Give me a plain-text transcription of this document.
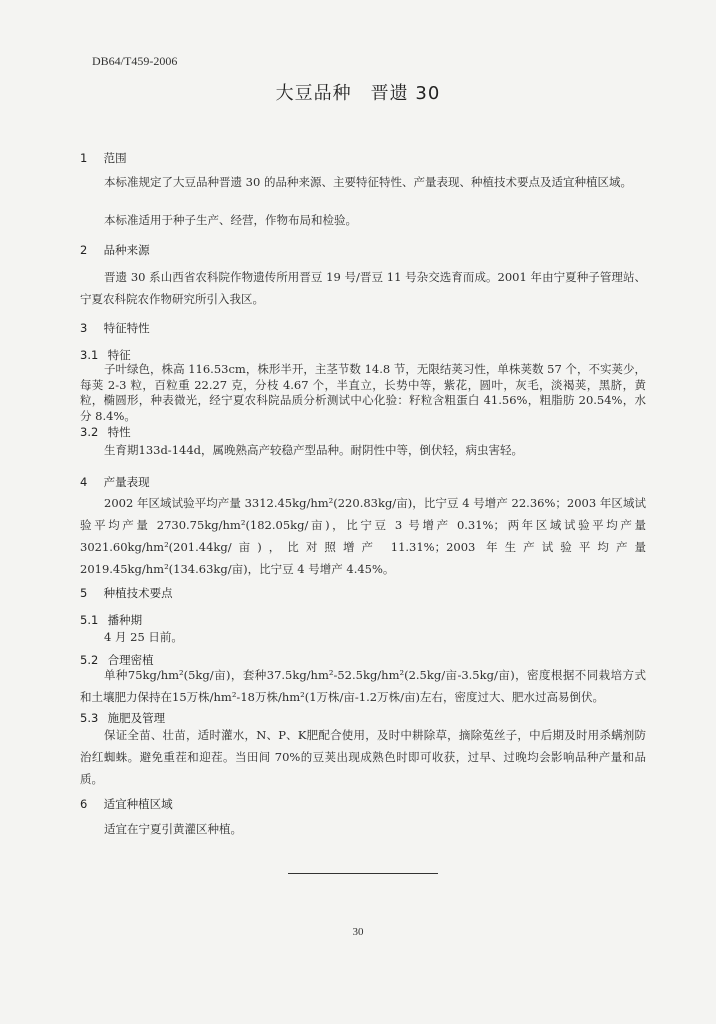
DB64/T459-2006
大豆品种　晋遗 30
1 范围
本标准规定了大豆品种晋遗 30 的品种来源、主要特征特性、产量表现、种植技术要点及适宜种植区域。
本标准适用于种子生产、经营，作物布局和检验。
2 品种来源
晋遗 30 系山西省农科院作物遗传所用晋豆 19 号/晋豆 11 号杂交选育而成。2001 年由宁夏种子管理站、宁夏农科院农作物研究所引入我区。
3 特征特性
3.1 特征
子叶绿色，株高 116.53cm，株形半开，主茎节数 14.8 节，无限结荚习性，单株荚数 57 个，不实荚少，每荚 2-3 粒，百粒重 22.27 克，分枝 4.67 个，半直立，长势中等，紫花，圆叶，灰毛，淡褐荚，黑脐，黄粒，椭圆形，种表微光，经宁夏农科院品质分析测试中心化验：籽粒含粗蛋白 41.56%，粗脂肪 20.54%，水分 8.4%。
3.2 特性
生育期133d-144d，属晚熟高产较稳产型品种。耐阴性中等，倒伏轻，病虫害轻。
4 产量表现
2002 年区域试验平均产量 3312.45kg/hm²(220.83kg/亩)，比宁豆 4 号增产 22.36%；2003 年区域试验平均产量 2730.75kg/hm²(182.05kg/亩)，比宁豆 3 号增产 0.31%；两年区域试验平均产量 3021.60kg/hm²(201.44kg/亩)，比对照增产 11.31%；2003 年生产试验平均产量 2019.45kg/hm²(134.63kg/亩)，比宁豆 4 号增产 4.45%。
5 种植技术要点
5.1 播种期
4 月 25 日前。
5.2 合理密植
单种75kg/hm²(5kg/亩)，套种37.5kg/hm²-52.5kg/hm²(2.5kg/亩-3.5kg/亩)，密度根据不同栽培方式和土壤肥力保持在15万株/hm²-18万株/hm²(1万株/亩-1.2万株/亩)左右，密度过大、肥水过高易倒伏。
5.3 施肥及管理
保证全苗、壮苗，适时灌水，N、P、K肥配合使用，及时中耕除草，摘除菟丝子，中后期及时用杀螨剂防治红蜘蛛。避免重茬和迎茬。当田间 70%的豆荚出现成熟色时即可收获，过早、过晚均会影响品种产量和品质。
6 适宜种植区域
适宜在宁夏引黄灌区种植。
30
